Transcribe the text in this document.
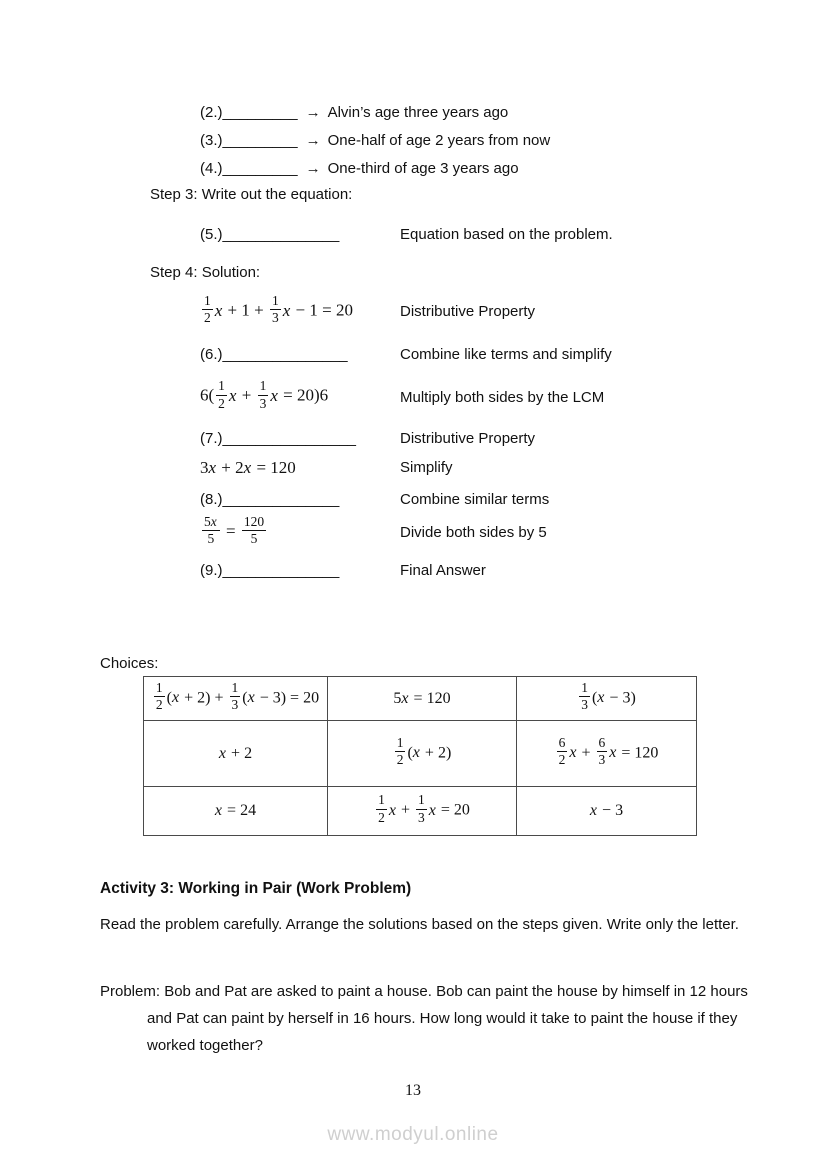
(2.)_________ → Alvin’s age three years ago
(3.)_________ → One-half of age 2 years from now
(4.)_________ → One-third of age 3 years ago
Step 3: Write out the equation:
(5.)______________	Equation based on the problem.
Step 4: Solution:
$\frac{1}{2}$ $x + 1 + \frac{1}{3}$ x − 1 = 20	Distributive Property
(6.)_______________	Combine like terms and simplify
$6( \frac{1}{2}$ $x + \frac{1}{3}$ x = 20)6	Multiply both sides by the LCM
(7.)________________	Distributive Property
3x + 2x = 120	Simplify
(8.)______________	Combine similar terms
$\frac{5x}{5} = \frac{120}{5}$	Divide both sides by 5
(9.)______________	Final Answer
Choices:
$\frac{1}{2} (x + 2) + \frac{1}{3} (x - 3) = 20$	5x = 120	$\frac{1}{3} (x - 3)$

x + 2	$\frac{1}{2} (x + 2)$	$\frac{6}{2}$ $x + \frac{6}{3}$ x = 120

x = 24	$\frac{1}{2}$ $x + \frac{1}{3}$ x = 20	x − 3
Activity 3: Working in Pair (Work Problem)
Read the problem carefully. Arrange the solutions based on the steps given. Write only the letter.
Problem: Bob and Pat are asked to paint a house. Bob can paint the house by himself in 12 hours and Pat can paint by herself in 16 hours. How long would it take to paint the house if they worked together?
13
www.modyul.online
